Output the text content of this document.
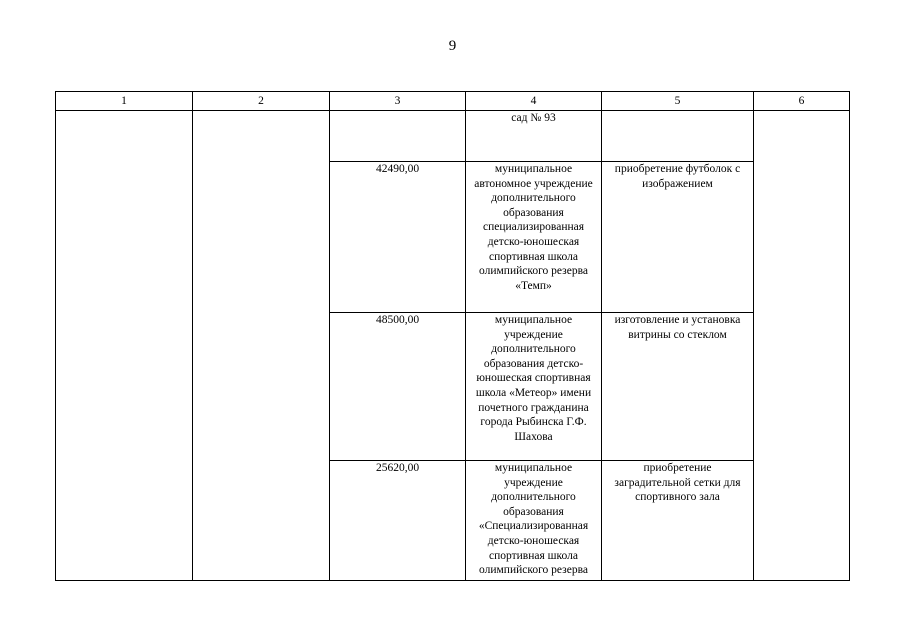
9
1	2	3	4	5	6
			сад № 93		
		42490,00	муниципальное автономное учреждение дополнительного образования специализированная детско-юношеская спортивная школа олимпийского резерва «Темп»	приобретение футболок с изображением	
		48500,00	муниципальное учреждение дополнительного образования детско-юношеская спортивная школа «Метеор» имени почетного гражданина города Рыбинска Г.Ф. Шахова	изготовление и установка витрины со стеклом	
		25620,00	муниципальное учреждение дополнительного образования «Специализированная детско-юношеская спортивная школа олимпийского резерва	приобретение заградительной сетки для спортивного зала	
